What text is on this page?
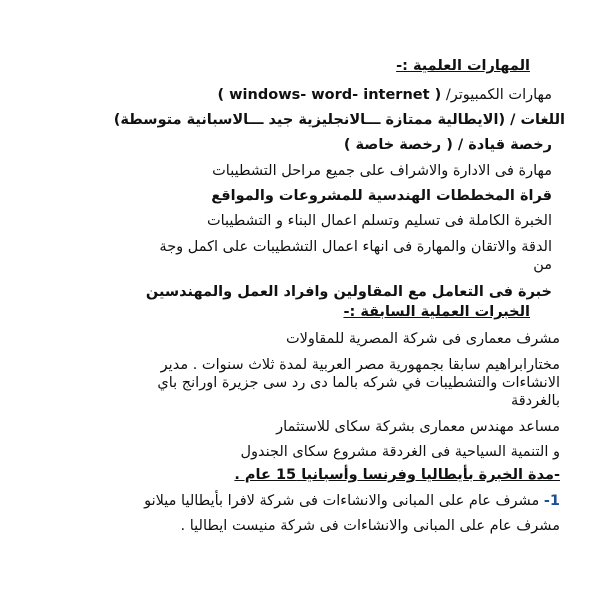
المهارات العلمية :-
مهارات الكمبيوتر/ ( windows- word- internet )
اللغات / (الايطالية ممتازة ـــالانجليزية جيد ـــالاسبانية متوسطة)
رخصة قيادة / ( رخصة خاصة )
مهارة فى الادارة والاشراف على جميع مراحل التشطيبات
قراة المخططات الهندسية للمشروعات والمواقع
الخبرة الكاملة فى تسليم وتسلم اعمال البناء و التشطيبات
الدقة والاتقان والمهارة فى انهاء اعمال التشطيبات على اكمل وجة
من
خبرة فى التعامل مع المقاولين وافراد العمل والمهندسين
الخبرات العملية السابقة :-
مشرف معمارى فى شركة المصرية للمقاولات
مختارابراهيم سابقا بجمهورية مصر العربية لمدة ثلاث سنوات . مدير
الانشاءات والتشطيبات في شركه بالما دى رد سى جزيرة اورانج باي
بالغردقة
مساعد مهندس معمارى بشركة سكاى للاستثمار
و التنمية السياحية فى الغردقة مشروع سكاى الجندول
-مدة الخبرة بأيطاليا وفرنسا وأسبانيا 15 عام .
1- مشرف عام على المبانى والانشاءات فى شركة لافرا بأيطاليا ميلانو
مشرف عام على المبانى والانشاءات فى شركة منيست ايطاليا .
